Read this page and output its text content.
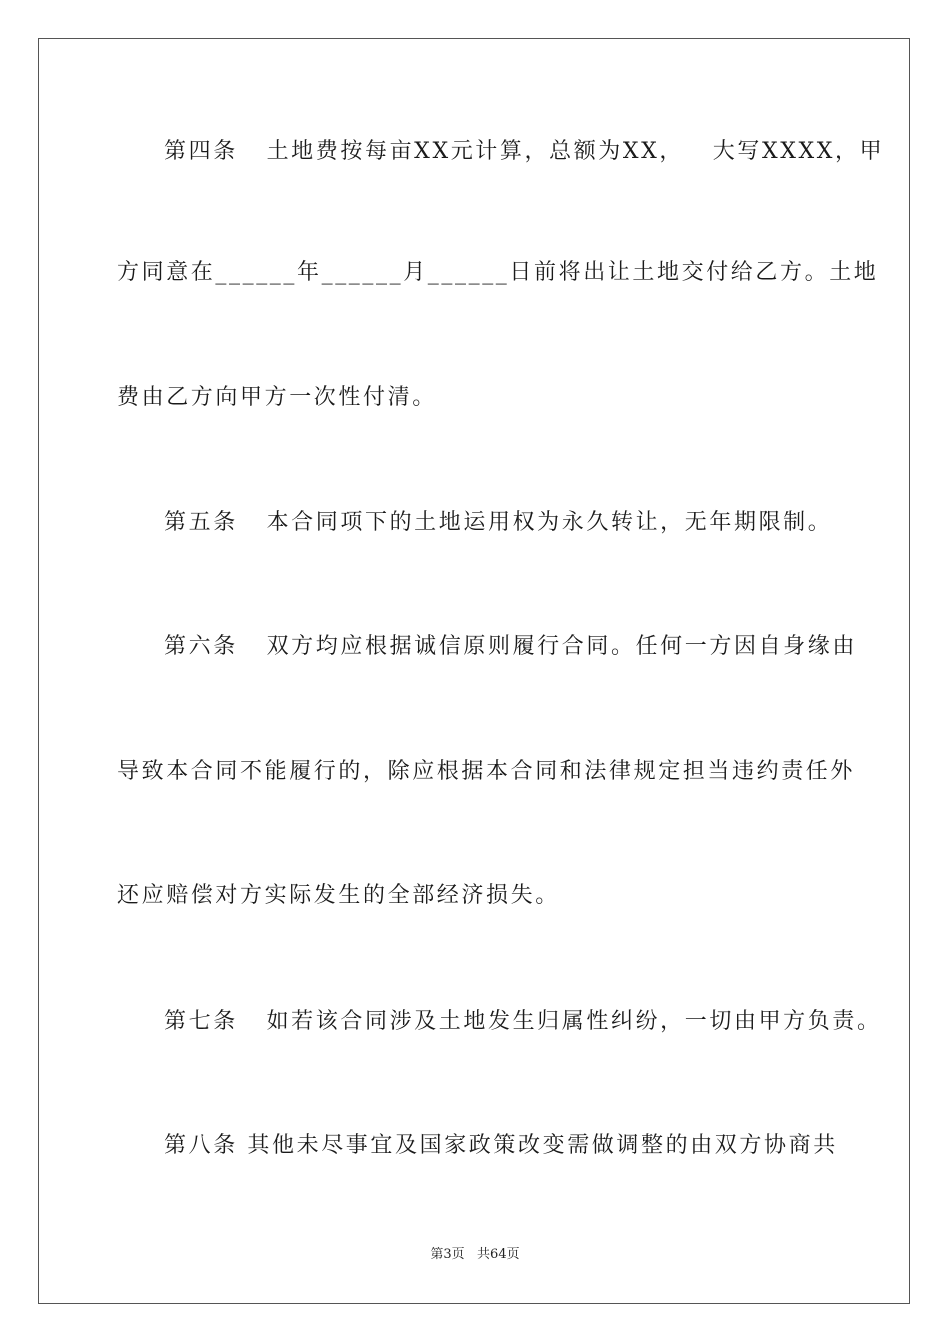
第四条   土地费按每亩XX元计算，总额为XX，   大写XXXX，甲
方同意在______年______月______日前将出让土地交付给乙方。土地
费由乙方向甲方一次性付清。
第五条   本合同项下的土地运用权为永久转让，无年期限制。
第六条   双方均应根据诚信原则履行合同。任何一方因自身缘由
导致本合同不能履行的，除应根据本合同和法律规定担当违约责任外
还应赔偿对方实际发生的全部经济损失。
第七条   如若该合同涉及土地发生归属性纠纷，一切由甲方负责。
第八条 其他未尽事宜及国家政策改变需做调整的由双方协商共
第3页   共64页
